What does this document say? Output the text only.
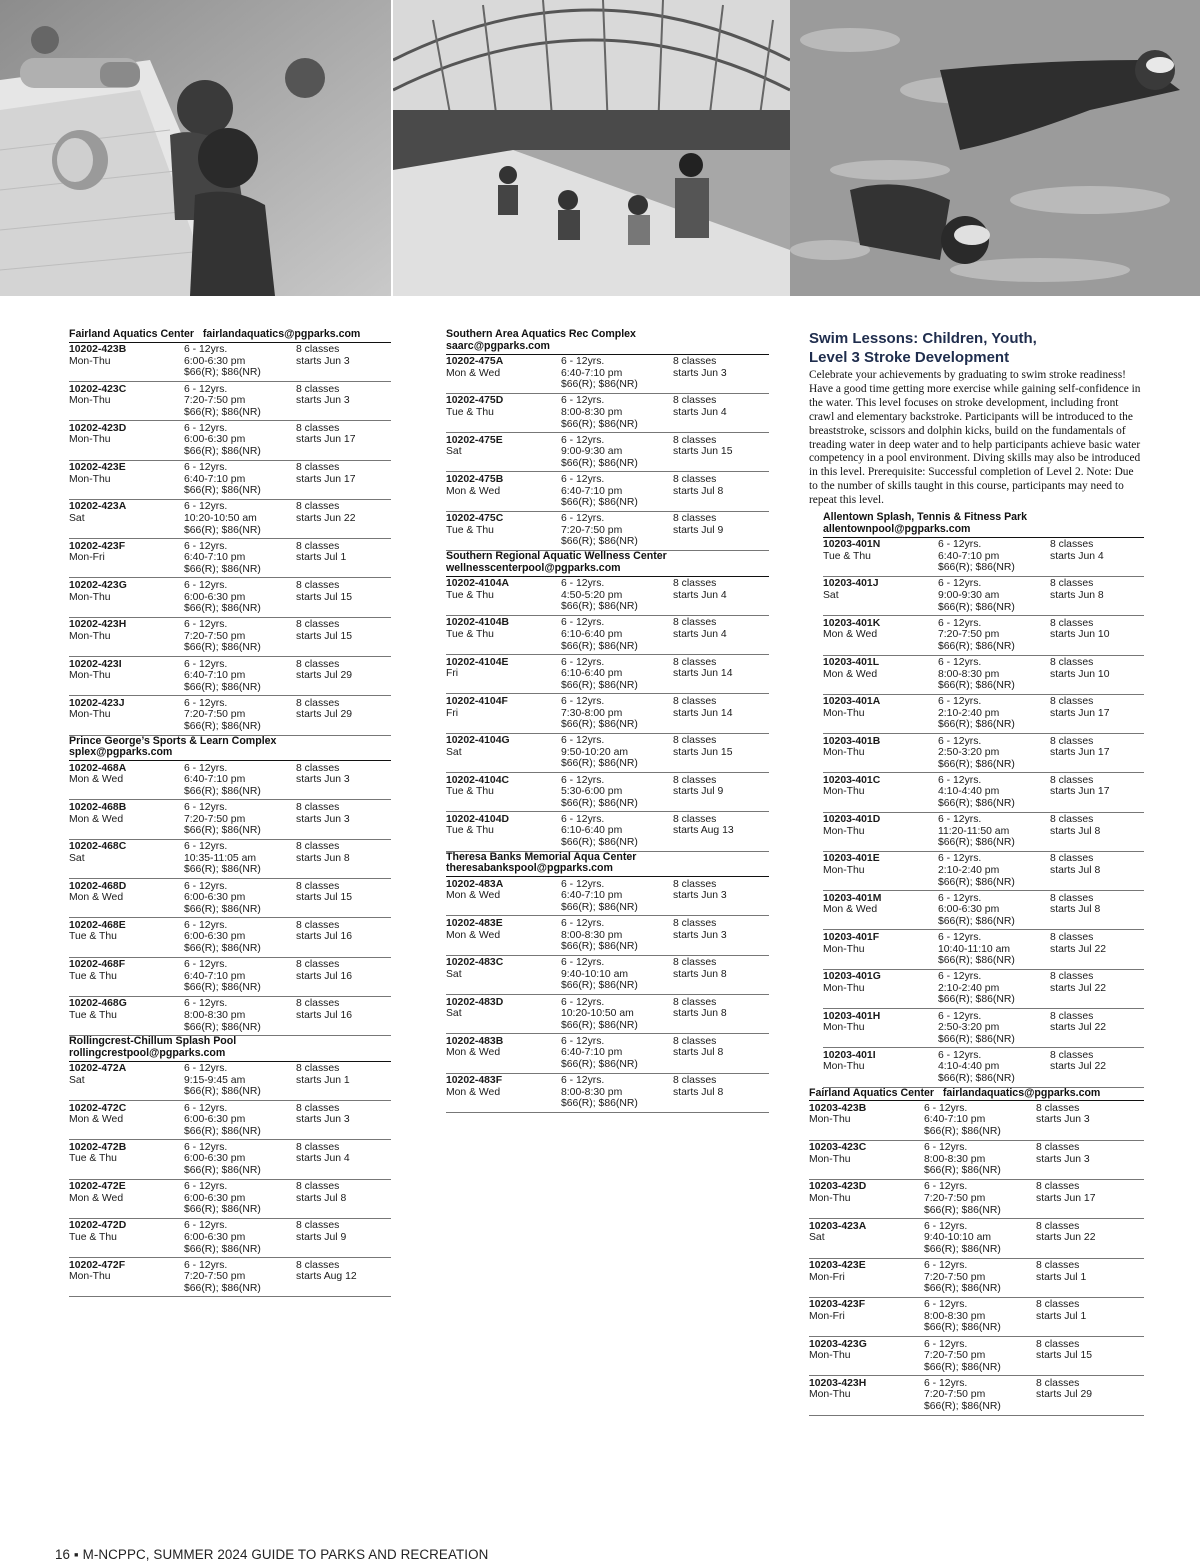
Fairland Aquatics Center fairlandaquatics@pgparks.com
10202-423B
Mon-Thu
6 - 12yrs.
6:00-6:30 pm
$66(R); $86(NR)
8 classes
starts Jun 3
10202-423C
Mon-Thu
6 - 12yrs.
7:20-7:50 pm
$66(R); $86(NR)
8 classes
starts Jun 3
10202-423D
Mon-Thu
6 - 12yrs.
6:00-6:30 pm
$66(R); $86(NR)
8 classes
starts Jun 17
10202-423E
Mon-Thu
6 - 12yrs.
6:40-7:10 pm
$66(R); $86(NR)
8 classes
starts Jun 17
10202-423A
Sat
6 - 12yrs.
10:20-10:50 am
$66(R); $86(NR)
8 classes
starts Jun 22
10202-423F
Mon-Fri
6 - 12yrs.
6:40-7:10 pm
$66(R); $86(NR)
8 classes
starts Jul 1
10202-423G
Mon-Thu
6 - 12yrs.
6:00-6:30 pm
$66(R); $86(NR)
8 classes
starts Jul 15
10202-423H
Mon-Thu
6 - 12yrs.
7:20-7:50 pm
$66(R); $86(NR)
8 classes
starts Jul 15
10202-423I
Mon-Thu
6 - 12yrs.
6:40-7:10 pm
$66(R); $86(NR)
8 classes
starts Jul 29
10202-423J
Mon-Thu
6 - 12yrs.
7:20-7:50 pm
$66(R); $86(NR)
8 classes
starts Jul 29
Prince George’s Sports & Learn Complex
splex@pgparks.com
10202-468A
Mon & Wed
6 - 12yrs.
6:40-7:10 pm
$66(R); $86(NR)
8 classes
starts Jun 3
10202-468B
Mon & Wed
6 - 12yrs.
7:20-7:50 pm
$66(R); $86(NR)
8 classes
starts Jun 3
10202-468C
Sat
6 - 12yrs.
10:35-11:05 am
$66(R); $86(NR)
8 classes
starts Jun 8
10202-468D
Mon & Wed
6 - 12yrs.
6:00-6:30 pm
$66(R); $86(NR)
8 classes
starts Jul 15
10202-468E
Tue & Thu
6 - 12yrs.
6:00-6:30 pm
$66(R); $86(NR)
8 classes
starts Jul 16
10202-468F
Tue & Thu
6 - 12yrs.
6:40-7:10 pm
$66(R); $86(NR)
8 classes
starts Jul 16
10202-468G
Tue & Thu
6 - 12yrs.
8:00-8:30 pm
$66(R); $86(NR)
8 classes
starts Jul 16
Rollingcrest-Chillum Splash Pool
rollingcrestpool@pgparks.com
10202-472A
Sat
6 - 12yrs.
9:15-9:45 am
$66(R); $86(NR)
8 classes
starts Jun 1
10202-472C
Mon & Wed
6 - 12yrs.
6:00-6:30 pm
$66(R); $86(NR)
8 classes
starts Jun 3
10202-472B
Tue & Thu
6 - 12yrs.
6:00-6:30 pm
$66(R); $86(NR)
8 classes
starts Jun 4
10202-472E
Mon & Wed
6 - 12yrs.
6:00-6:30 pm
$66(R); $86(NR)
8 classes
starts Jul 8
10202-472D
Tue & Thu
6 - 12yrs.
6:00-6:30 pm
$66(R); $86(NR)
8 classes
starts Jul 9
10202-472F
Mon-Thu
6 - 12yrs.
7:20-7:50 pm
$66(R); $86(NR)
8 classes
starts Aug 12
Southern Area Aquatics Rec Complex
saarc@pgparks.com
10202-475A
Mon & Wed
6 - 12yrs.
6:40-7:10 pm
$66(R); $86(NR)
8 classes
starts Jun 3
10202-475D
Tue & Thu
6 - 12yrs.
8:00-8:30 pm
$66(R); $86(NR)
8 classes
starts Jun 4
10202-475E
Sat
6 - 12yrs.
9:00-9:30 am
$66(R); $86(NR)
8 classes
starts Jun 15
10202-475B
Mon & Wed
6 - 12yrs.
6:40-7:10 pm
$66(R); $86(NR)
8 classes
starts Jul 8
10202-475C
Tue & Thu
6 - 12yrs.
7:20-7:50 pm
$66(R); $86(NR)
8 classes
starts Jul 9
Southern Regional Aquatic Wellness Center
wellnesscenterpool@pgparks.com
10202-4104A
Tue & Thu
6 - 12yrs.
4:50-5:20 pm
$66(R); $86(NR)
8 classes
starts Jun 4
10202-4104B
Tue & Thu
6 - 12yrs.
6:10-6:40 pm
$66(R); $86(NR)
8 classes
starts Jun 4
10202-4104E
Fri
6 - 12yrs.
6:10-6:40 pm
$66(R); $86(NR)
8 classes
starts Jun 14
10202-4104F
Fri
6 - 12yrs.
7:30-8:00 pm
$66(R); $86(NR)
8 classes
starts Jun 14
10202-4104G
Sat
6 - 12yrs.
9:50-10:20 am
$66(R); $86(NR)
8 classes
starts Jun 15
10202-4104C
Tue & Thu
6 - 12yrs.
5:30-6:00 pm
$66(R); $86(NR)
8 classes
starts Jul 9
10202-4104D
Tue & Thu
6 - 12yrs.
6:10-6:40 pm
$66(R); $86(NR)
8 classes
starts Aug 13
Theresa Banks Memorial Aqua Center
theresabankspool@pgparks.com
10202-483A
Mon & Wed
6 - 12yrs.
6:40-7:10 pm
$66(R); $86(NR)
8 classes
starts Jun 3
10202-483E
Mon & Wed
6 - 12yrs.
8:00-8:30 pm
$66(R); $86(NR)
8 classes
starts Jun 3
10202-483C
Sat
6 - 12yrs.
9:40-10:10 am
$66(R); $86(NR)
8 classes
starts Jun 8
10202-483D
Sat
6 - 12yrs.
10:20-10:50 am
$66(R); $86(NR)
8 classes
starts Jun 8
10202-483B
Mon & Wed
6 - 12yrs.
6:40-7:10 pm
$66(R); $86(NR)
8 classes
starts Jul 8
10202-483F
Mon & Wed
6 - 12yrs.
8:00-8:30 pm
$66(R); $86(NR)
8 classes
starts Jul 8
Swim Lessons: Children, Youth,
Level 3 Stroke Development
Celebrate your achievements by graduating to swim stroke readiness! Have a good time getting more exercise while gaining self-confidence in the water. This level focuses on stroke development, including front crawl and elementary backstroke. Participants will be introduced to the breaststroke, scissors and dolphin kicks, build on the fundamentals of treading water in deep water and to help participants achieve basic water competency in a pool environment. Diving skills may also be introduced in this level. Prerequisite: Successful completion of Level 2. Note: Due to the number of skills taught in this course, participants may need to repeat this level.
Allentown Splash, Tennis & Fitness Park
allentownpool@pgparks.com
10203-401N
Tue & Thu
6 - 12yrs.
6:40-7:10 pm
$66(R); $86(NR)
8 classes
starts Jun 4
10203-401J
Sat
6 - 12yrs.
9:00-9:30 am
$66(R); $86(NR)
8 classes
starts Jun 8
10203-401K
Mon & Wed
6 - 12yrs.
7:20-7:50 pm
$66(R); $86(NR)
8 classes
starts Jun 10
10203-401L
Mon & Wed
6 - 12yrs.
8:00-8:30 pm
$66(R); $86(NR)
8 classes
starts Jun 10
10203-401A
Mon-Thu
6 - 12yrs.
2:10-2:40 pm
$66(R); $86(NR)
8 classes
starts Jun 17
10203-401B
Mon-Thu
6 - 12yrs.
2:50-3:20 pm
$66(R); $86(NR)
8 classes
starts Jun 17
10203-401C
Mon-Thu
6 - 12yrs.
4:10-4:40 pm
$66(R); $86(NR)
8 classes
starts Jun 17
10203-401D
Mon-Thu
6 - 12yrs.
11:20-11:50 am
$66(R); $86(NR)
8 classes
starts Jul 8
10203-401E
Mon-Thu
6 - 12yrs.
2:10-2:40 pm
$66(R); $86(NR)
8 classes
starts Jul 8
10203-401M
Mon & Wed
6 - 12yrs.
6:00-6:30 pm
$66(R); $86(NR)
8 classes
starts Jul 8
10203-401F
Mon-Thu
6 - 12yrs.
10:40-11:10 am
$66(R); $86(NR)
8 classes
starts Jul 22
10203-401G
Mon-Thu
6 - 12yrs.
2:10-2:40 pm
$66(R); $86(NR)
8 classes
starts Jul 22
10203-401H
Mon-Thu
6 - 12yrs.
2:50-3:20 pm
$66(R); $86(NR)
8 classes
starts Jul 22
10203-401I
Mon-Thu
6 - 12yrs.
4:10-4:40 pm
$66(R); $86(NR)
8 classes
starts Jul 22
Fairland Aquatics Center fairlandaquatics@pgparks.com
10203-423B
Mon-Thu
6 - 12yrs.
6:40-7:10 pm
$66(R); $86(NR)
8 classes
starts Jun 3
10203-423C
Mon-Thu
6 - 12yrs.
8:00-8:30 pm
$66(R); $86(NR)
8 classes
starts Jun 3
10203-423D
Mon-Thu
6 - 12yrs.
7:20-7:50 pm
$66(R); $86(NR)
8 classes
starts Jun 17
10203-423A
Sat
6 - 12yrs.
9:40-10:10 am
$66(R); $86(NR)
8 classes
starts Jun 22
10203-423E
Mon-Fri
6 - 12yrs.
7:20-7:50 pm
$66(R); $86(NR)
8 classes
starts Jul 1
10203-423F
Mon-Fri
6 - 12yrs.
8:00-8:30 pm
$66(R); $86(NR)
8 classes
starts Jul 1
10203-423G
Mon-Thu
6 - 12yrs.
7:20-7:50 pm
$66(R); $86(NR)
8 classes
starts Jul 15
10203-423H
Mon-Thu
6 - 12yrs.
7:20-7:50 pm
$66(R); $86(NR)
8 classes
starts Jul 29
16 ▪ M-NCPPC, SUMMER 2024 GUIDE TO PARKS AND RECREATION
